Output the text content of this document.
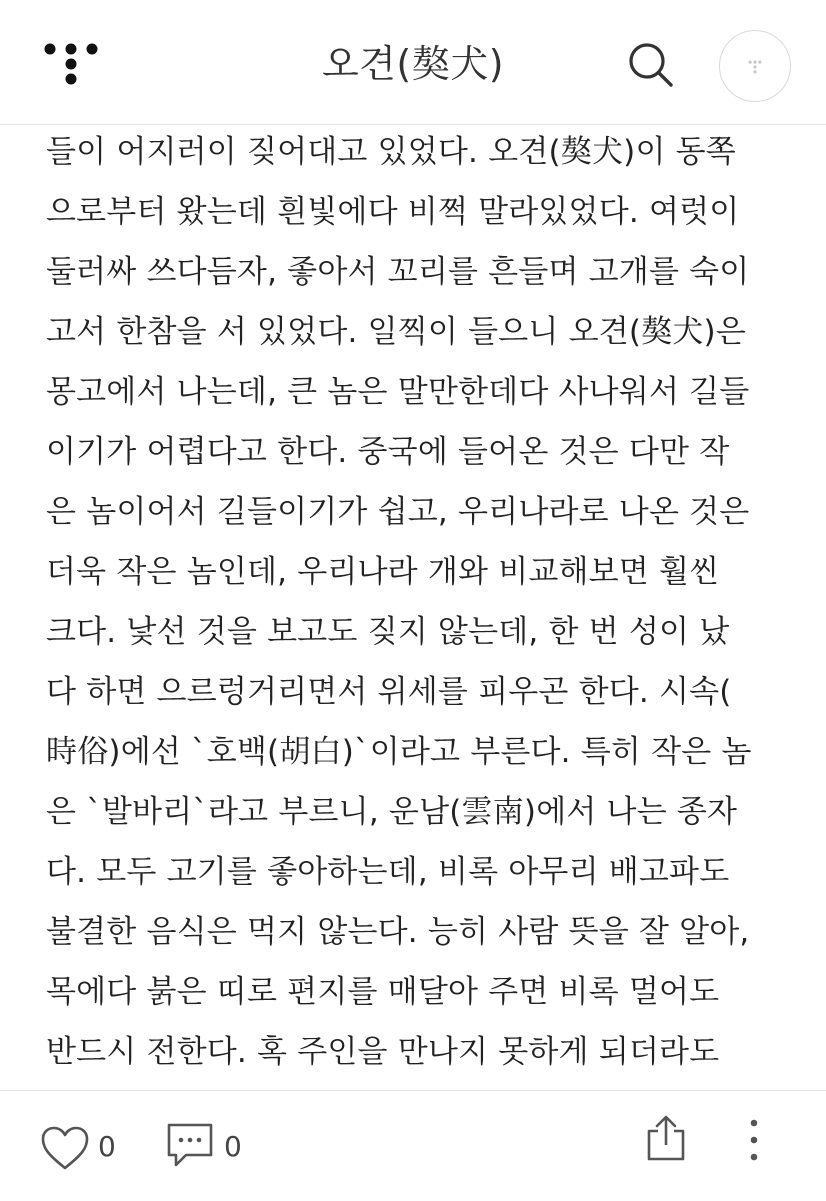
오견(獒犬)
들이 어지러이 짖어대고 있었다. 오견(獒犬)이 동쪽
으로부터 왔는데 흰빛에다 비쩍 말라있었다. 여럿이
둘러싸 쓰다듬자, 좋아서 꼬리를 흔들며 고개를 숙이
고서 한참을 서 있었다. 일찍이 들으니 오견(獒犬)은
몽고에서 나는데, 큰 놈은 말만한데다 사나워서 길들
이기가 어렵다고 한다. 중국에 들어온 것은 다만 작
은 놈이어서 길들이기가 쉽고, 우리나라로 나온 것은
더욱 작은 놈인데, 우리나라 개와 비교해보면 훨씬
크다. 낯선 것을 보고도 짖지 않는데, 한 번 성이 났
다 하면 으르렁거리면서 위세를 피우곤 한다. 시속(
時俗)에선 `호백(胡白)`이라고 부른다. 특히 작은 놈
은 `발바리`라고 부르니, 운남(雲南)에서 나는 종자
다. 모두 고기를 좋아하는데, 비록 아무리 배고파도
불결한 음식은 먹지 않는다. 능히 사람 뜻을 잘 알아,
목에다 붉은 띠로 편지를 매달아 주면 비록 멀어도
반드시 전한다. 혹 주인을 만나지 못하게 되더라도
0	0
